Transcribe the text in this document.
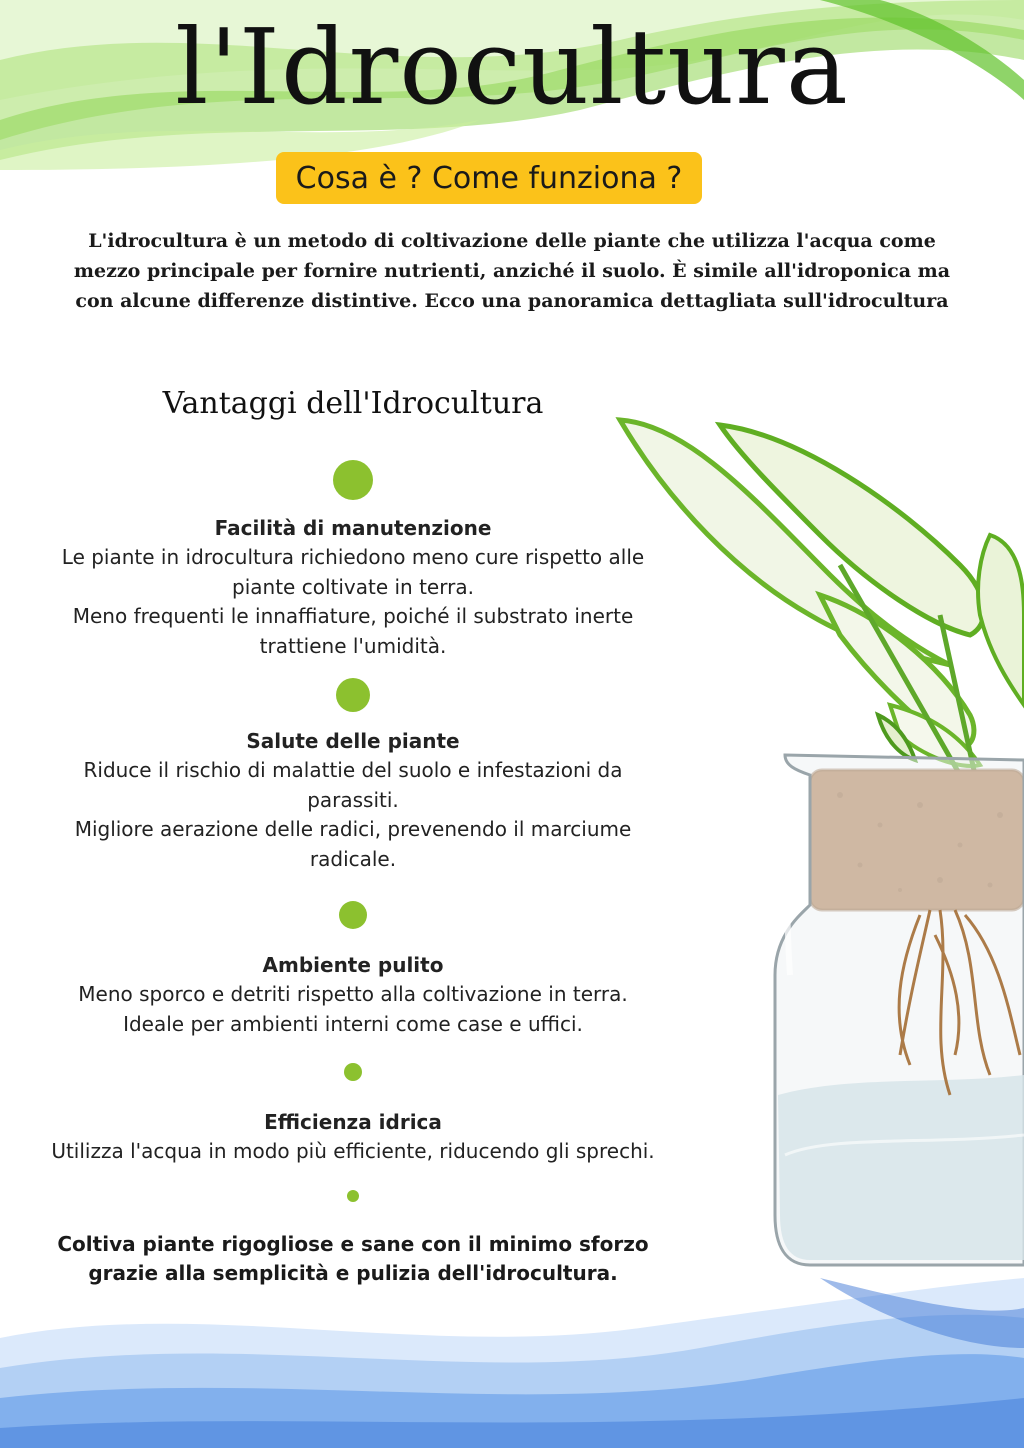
l'Idrocultura
Cosa è ? Come funziona ?

L'idrocultura è un metodo di coltivazione delle piante che utilizza l'acqua come mezzo principale per fornire nutrienti, anziché il suolo. È simile all'idroponica ma con alcune differenze distintive. Ecco una panoramica dettagliata sull'idrocultura

Vantaggi dell'Idrocultura
Facilità di manutenzione
Le piante in idrocultura richiedono meno cure rispetto alle
piante coltivate in terra.
Meno frequenti le innaffiature, poiché il substrato inerte
trattiene l'umidità.
Salute delle piante
Riduce il rischio di malattie del suolo e infestazioni da
parassiti.
Migliore aerazione delle radici, prevenendo il marciume
radicale.
Ambiente pulito
Meno sporco e detriti rispetto alla coltivazione in terra.
Ideale per ambienti interni come case e uffici.
Efficienza idrica
Utilizza l'acqua in modo più efficiente, riducendo gli sprechi.

Coltiva piante rigogliose e sane con il minimo sforzo
grazie alla semplicità e pulizia dell'idrocultura.
